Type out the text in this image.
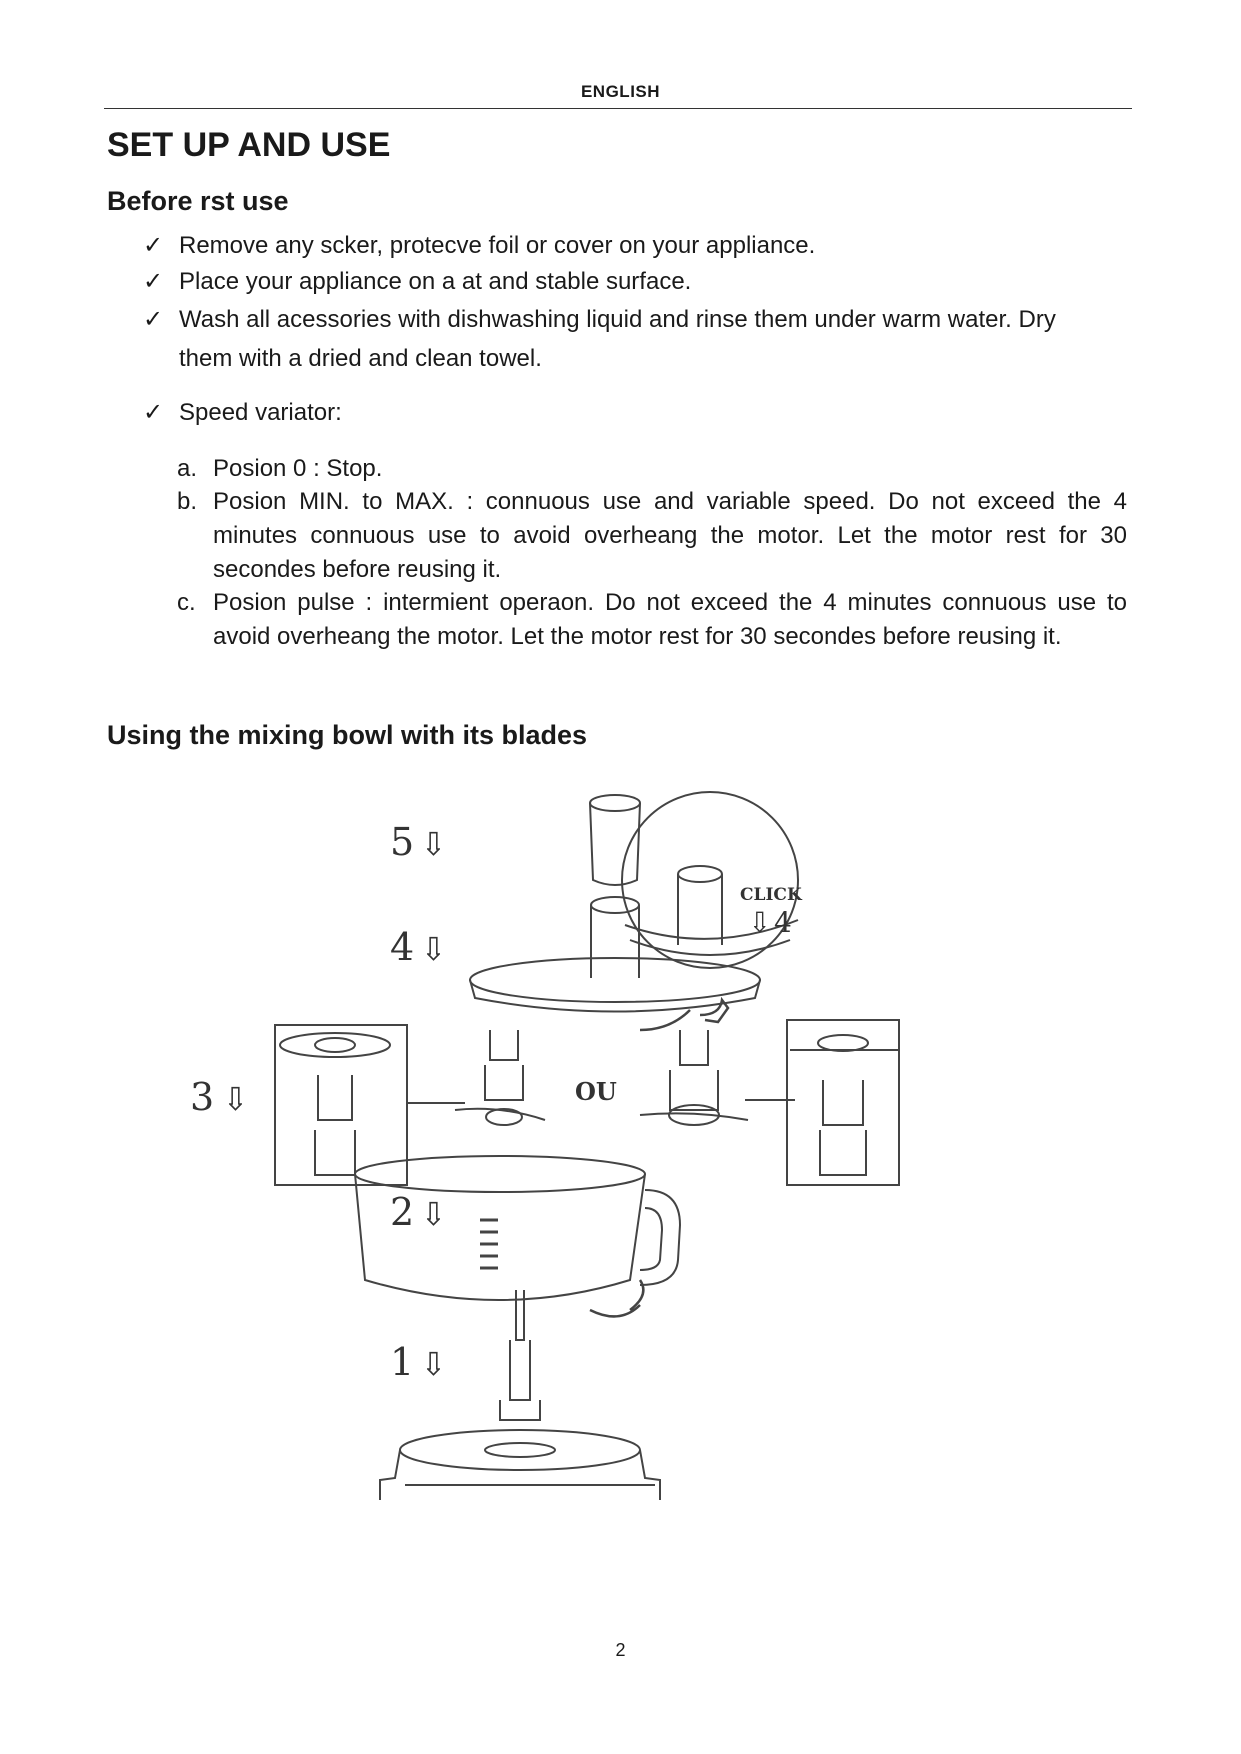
ENGLISH
SET UP AND USE
Before rst use
✓ Remove any scker, protecve foil or cover on your appliance.
✓ Place your appliance on a at and stable surface.
✓ Wash all acessories with dishwashing liquid and rinse them under warm water. Dry them with a dried and clean towel.
✓ Speed variator:
a. Posion 0 : Stop.
b. Posion MIN. to MAX. : connuous use and variable speed. Do not exceed the 4 minutes connuous use to avoid overheang the motor. Let the motor rest for 30 secondes before reusing it.
c. Posion pulse : intermient operaon. Do not exceed the 4 minutes connuous use to avoid overheang the motor. Let the motor rest for 30 secondes before reusing it.
Using the mixing bowl with its blades
5 ⇩
4 ⇩
3 ⇩
2 ⇩
1 ⇩
CLICK
⇩ 4
OU
2
